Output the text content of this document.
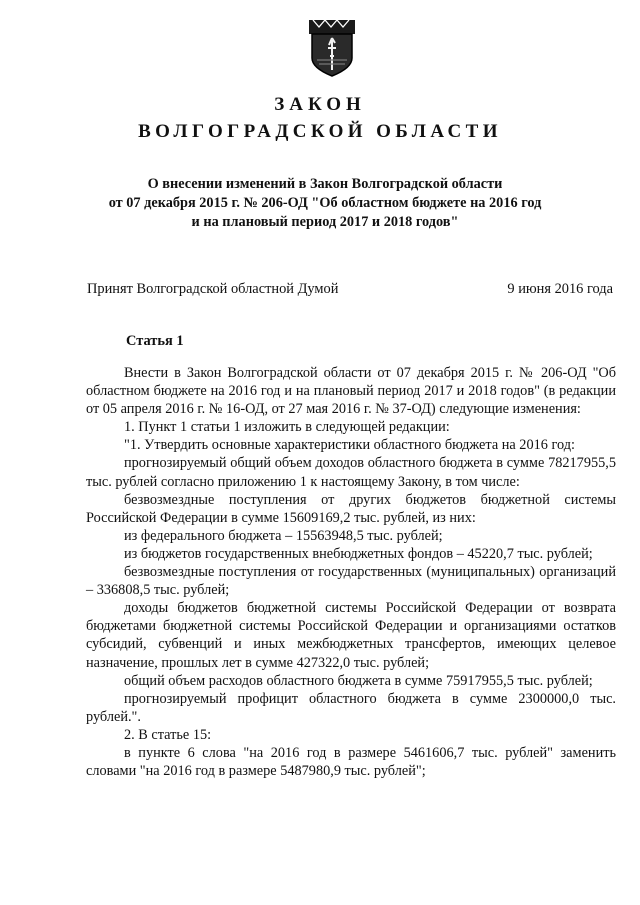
ЗАКОН
ВОЛГОГРАДСКОЙ ОБЛАСТИ
О внесении изменений в Закон Волгоградской области
от 07 декабря 2015 г. № 206-ОД "Об областном бюджете на 2016 год
и на плановый период 2017 и 2018 годов"
Принят Волгоградской областной Думой	9 июня 2016 года
Статья 1

Внести в Закон Волгоградской области от 07 декабря 2015 г. № 206-ОД "Об областном бюджете на 2016 год и на плановый период 2017 и 2018 годов" (в редакции от 05 апреля 2016 г. № 16-ОД, от 27 мая 2016 г. № 37-ОД) следующие изменения:

1. Пункт 1 статьи 1 изложить в следующей редакции:

"1. Утвердить основные характеристики областного бюджета на 2016 год:

прогнозируемый общий объем доходов областного бюджета в сумме 78217955,5 тыс. рублей согласно приложению 1 к настоящему Закону, в том числе:

безвозмездные поступления от других бюджетов бюджетной системы Российской Федерации в сумме 15609169,2 тыс. рублей, из них:

из федерального бюджета – 15563948,5 тыс. рублей;

из бюджетов государственных внебюджетных фондов – 45220,7 тыс. рублей;

безвозмездные поступления от государственных (муниципальных) организаций – 336808,5 тыс. рублей;

доходы бюджетов бюджетной системы Российской Федерации от возврата бюджетами бюджетной системы Российской Федерации и организациями остатков субсидий, субвенций и иных межбюджетных трансфертов, имеющих целевое назначение, прошлых лет в сумме 427322,0 тыс. рублей;

общий объем расходов областного бюджета в сумме 75917955,5 тыс. рублей;

прогнозируемый профицит областного бюджета в сумме 2300000,0 тыс. рублей.".

2. В статье 15:

в пункте 6 слова "на 2016 год в размере 5461606,7 тыс. рублей" заменить словами "на 2016 год в размере 5487980,9 тыс. рублей";
